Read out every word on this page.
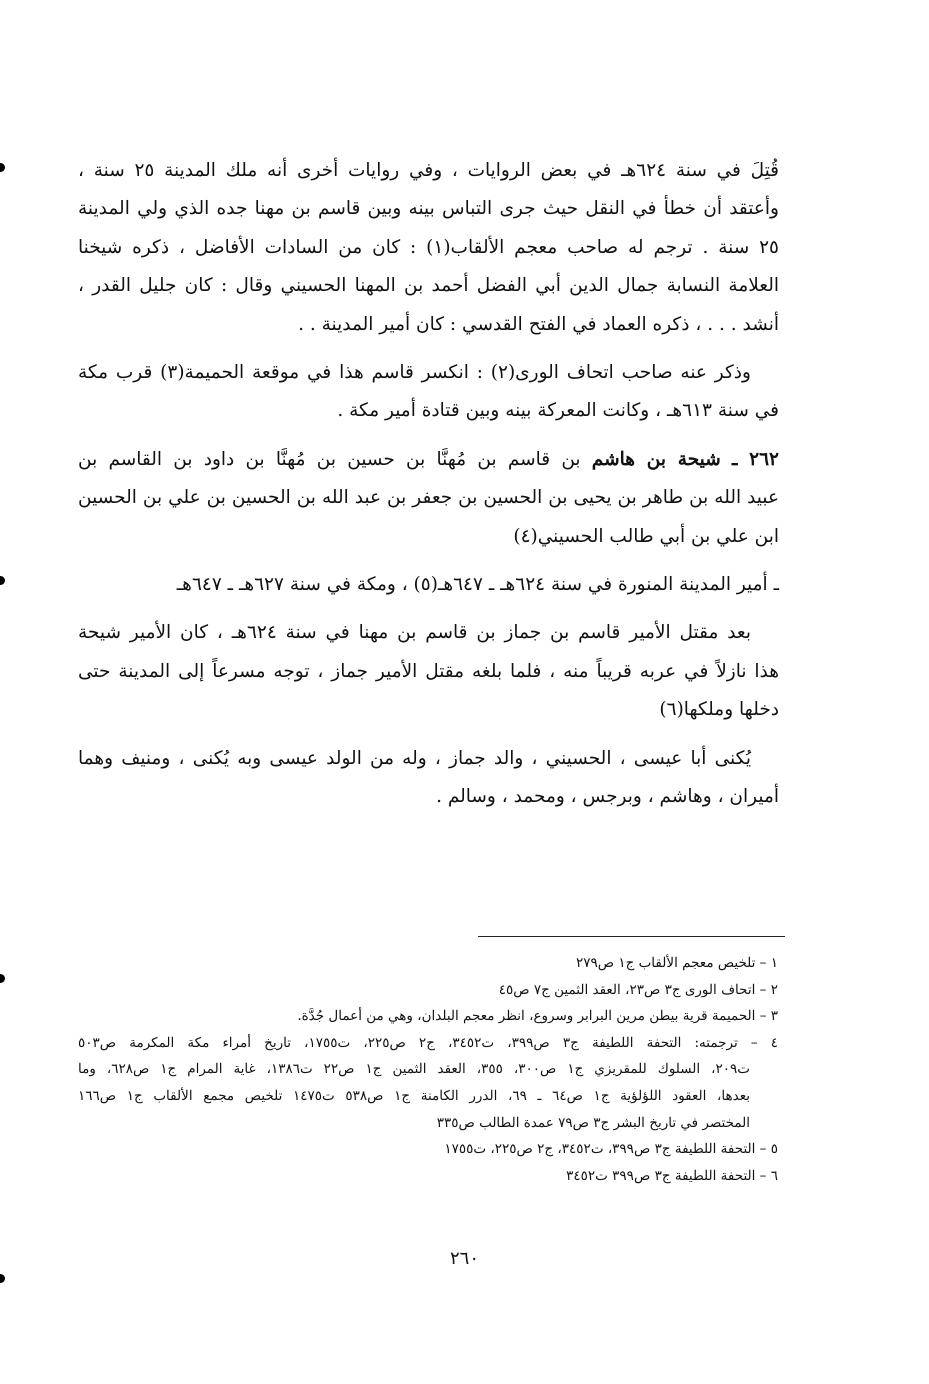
قُتِلَ في سنة ٦٢٤هـ في بعض الروايات ، وفي روايات أخرى أنه ملك المدينة ٢٥ سنة ،
وأعتقد أن خطأ في النقل حيث جرى التباس بينه وبين قاسم بن مهنا جده الذي ولي المدينة
٢٥ سنة . ترجم له صاحب معجم الألقاب(١) : كان من السادات الأفاضل ، ذكره شيخنا
العلامة النسابة جمال الدين أبي الفضل أحمد بن المهنا الحسيني وقال : كان جليل القدر ،
أنشد . . . ، ذكره العماد في الفتح القدسي : كان أمير المدينة . .

وذكر عنه صاحب اتحاف الورى(٢) : انكسر قاسم هذا في موقعة الحميمة(٣) قرب مكة
في سنة ٦١٣هـ ، وكانت المعركة بينه وبين قتادة أمير مكة .

٢٦٢ ـ شيحة بن هاشم بن قاسم بن مُهنَّا بن حسين بن مُهنَّا بن داود بن القاسم بن
عبيد الله بن طاهر بن يحيى بن الحسين بن جعفر بن عبد الله بن الحسين بن علي بن الحسين
ابن علي بن أبي طالب الحسيني(٤)

ـ أمير المدينة المنورة في سنة ٦٢٤هـ ـ ٦٤٧هـ(٥) ، ومكة في سنة ٦٢٧هـ ـ ٦٤٧هـ

بعد مقتل الأمير قاسم بن جماز بن قاسم بن مهنا في سنة ٦٢٤هـ ، كان الأمير شيحة
هذا نازلاً في عربه قريباً منه ، فلما بلغه مقتل الأمير جماز ، توجه مسرعاً إلى المدينة حتى
دخلها وملكها(٦)

يُكنى أبا عيسى ، الحسيني ، والد جماز ، وله من الولد عيسى وبه يُكنى ، ومنيف وهما
أميران ، وهاشم ، وبرجس ، ومحمد ، وسالم .

١ – تلخيص معجم الألقاب ج١ ص٢٧٩
٢ – اتحاف الورى ج٣ ص٢٣، العقد الثمين ج٧ ص٤٥
٣ – الحميمة قرية بيطن مرين البرابر وسروع، انظر معجم البلدان، وهي من أعمال جُدَّة.
٤ – ترجمته: التحفة اللطيفة ج٣ ص٣٩٩، ت٣٤٥٢، ج٢ ص٢٢٥، ت١٧٥٥، تاريخ أمراء مكة المكرمة ص٥٠٣
ت٢٠٩، السلوك للمقريزي ج١ ص٣٠٠، ٣٥٥، العقد الثمين ج١ ص٢٢ ت١٣٨٦، غاية المرام ج١ ص٦٢٨، وما
بعدها، العقود اللؤلؤية ج١ ص٦٤ ـ ٦٩، الدرر الكامنة ج١ ص٥٣٨ ت١٤٧٥ تلخيص مجمع الألقاب ج١ ص١٦٦
المختصر في تاريخ البشر ج٣ ص٧٩ عمدة الطالب ص٣٣٥
٥ – التحفة اللطيفة ج٣ ص٣٩٩، ت٣٤٥٢، ج٢ ص٢٢٥، ت١٧٥٥
٦ – التحفة اللطيفة ج٣ ص٣٩٩ ت٣٤٥٢
٢٦٠
